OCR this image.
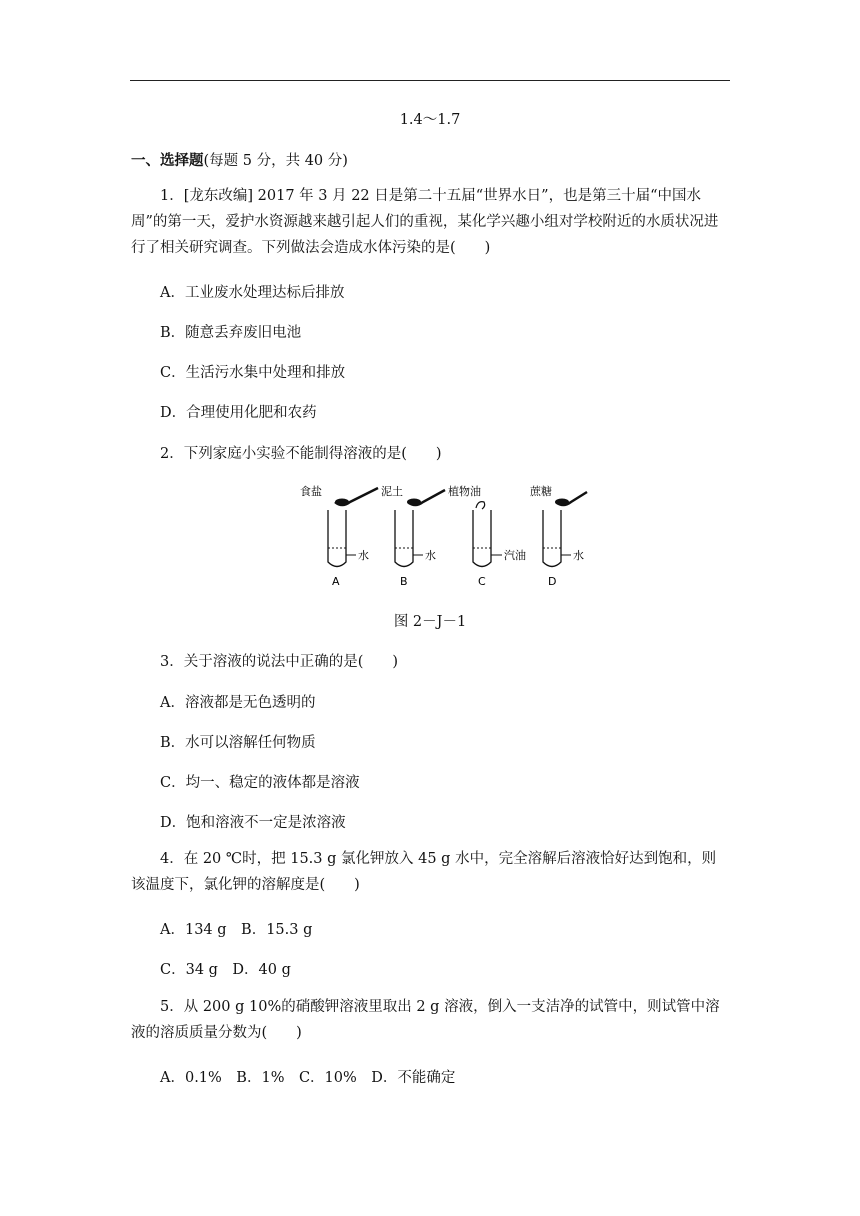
1.4～1.7
一、选择题(每题 5 分，共 40 分)
1．[龙东改编] 2017 年 3 月 22 日是第二十五届“世界水日”，也是第三十届“中国水周”的第一天，爱护水资源越来越引起人们的重视，某化学兴趣小组对学校附近的水质状况进行了相关研究调查。下列做法会造成水体污染的是(　　)
A．工业废水处理达标后排放
B．随意丢弃废旧电池
C．生活污水集中处理和排放
D．合理使用化肥和农药
2．下列家庭小实验不能制得溶液的是(　　)
食盐
水
A
泥土
水
B
植物油
汽油
C
蔗糖
水
D
图 2－J－1
3．关于溶液的说法中正确的是(　　)
A．溶液都是无色透明的
B．水可以溶解任何物质
C．均一、稳定的液体都是溶液
D．饱和溶液不一定是浓溶液
4．在 20 ℃时，把 15.3 g 氯化钾放入 45 g 水中，完全溶解后溶液恰好达到饱和，则该温度下，氯化钾的溶解度是(　　)
A．134 g　B．15.3 g
C．34 g　D．40 g
5．从 200 g 10%的硝酸钾溶液里取出 2 g 溶液，倒入一支洁净的试管中，则试管中溶液的溶质质量分数为(　　)
A．0.1%　B．1%　C．10%　D．不能确定
